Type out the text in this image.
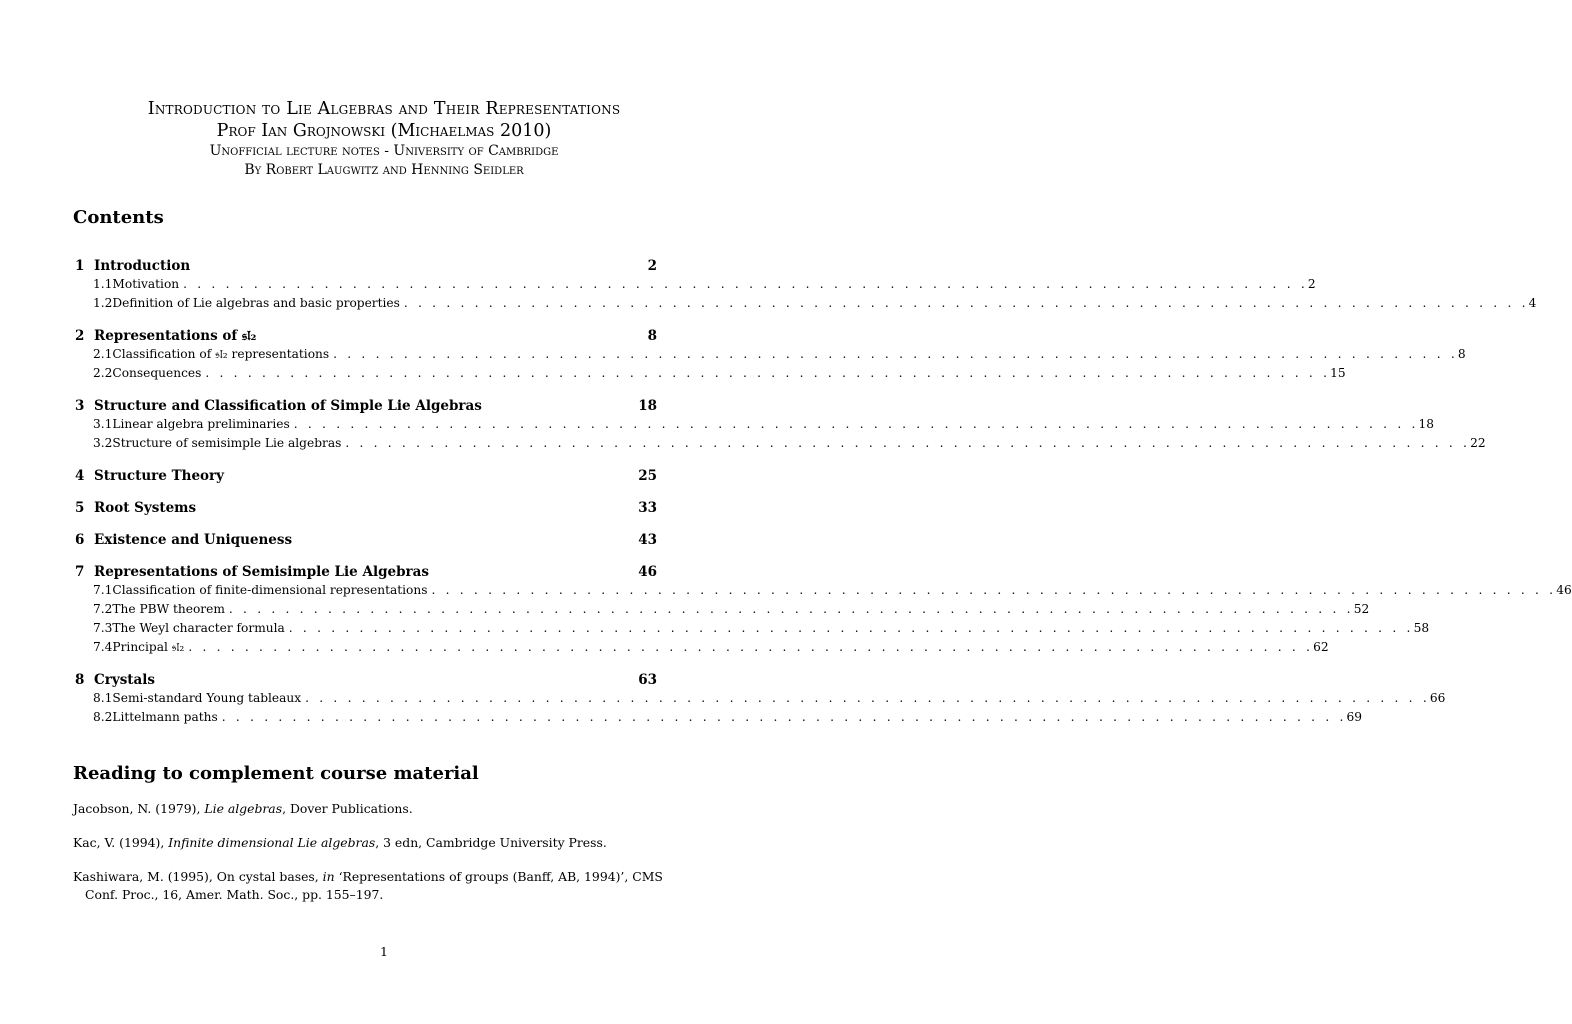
Introduction to Lie Algebras and Their Representations
Prof Ian Grojnowski (Michaelmas 2010)
Unofficial lecture notes - University of Cambridge
By Robert Laugwitz and Henning Seidler
Contents
1 Introduction	2
1.1 Motivation . . . . . . . . . . . . . . . . . . . . . . . . . . . . . . . . . . . . . . . . . . . . . . . . . . . . . . . . . . . . . . . . . . . . . . . . . . . . . . . . 2
1.2 Definition of Lie algebras and basic properties . . . . . . . . . . . . . . . . . . . . . . . . . . . . . . . . . . . . . . . . . . . . . . . . . . . . . . . . . . . . . . . . . . . . . . . . . . . . . . . . 4
2 Representations of 𝔰𝔩₂	8
2.1 Classification of 𝔰𝔩₂ representations . . . . . . . . . . . . . . . . . . . . . . . . . . . . . . . . . . . . . . . . . . . . . . . . . . . . . . . . . . . . . . . . . . . . . . . . . . . . . . . . 8
2.2 Consequences . . . . . . . . . . . . . . . . . . . . . . . . . . . . . . . . . . . . . . . . . . . . . . . . . . . . . . . . . . . . . . . . . . . . . . . . . . . . . . . . 15
3 Structure and Classification of Simple Lie Algebras	18
3.1 Linear algebra preliminaries . . . . . . . . . . . . . . . . . . . . . . . . . . . . . . . . . . . . . . . . . . . . . . . . . . . . . . . . . . . . . . . . . . . . . . . . . . . . . . . . 18
3.2 Structure of semisimple Lie algebras . . . . . . . . . . . . . . . . . . . . . . . . . . . . . . . . . . . . . . . . . . . . . . . . . . . . . . . . . . . . . . . . . . . . . . . . . . . . . . . . 22
4 Structure Theory	25
5 Root Systems	33
6 Existence and Uniqueness	43
7 Representations of Semisimple Lie Algebras	46
7.1 Classification of finite-dimensional representations . . . . . . . . . . . . . . . . . . . . . . . . . . . . . . . . . . . . . . . . . . . . . . . . . . . . . . . . . . . . . . . . . . . . . . . . . . . . . . . . 46
7.2 The PBW theorem . . . . . . . . . . . . . . . . . . . . . . . . . . . . . . . . . . . . . . . . . . . . . . . . . . . . . . . . . . . . . . . . . . . . . . . . . . . . . . . . 52
7.3 The Weyl character formula . . . . . . . . . . . . . . . . . . . . . . . . . . . . . . . . . . . . . . . . . . . . . . . . . . . . . . . . . . . . . . . . . . . . . . . . . . . . . . . . 58
7.4 Principal 𝔰𝔩₂ . . . . . . . . . . . . . . . . . . . . . . . . . . . . . . . . . . . . . . . . . . . . . . . . . . . . . . . . . . . . . . . . . . . . . . . . . . . . . . . . 62
8 Crystals	63
8.1 Semi-standard Young tableaux . . . . . . . . . . . . . . . . . . . . . . . . . . . . . . . . . . . . . . . . . . . . . . . . . . . . . . . . . . . . . . . . . . . . . . . . . . . . . . . . 66
8.2 Littelmann paths . . . . . . . . . . . . . . . . . . . . . . . . . . . . . . . . . . . . . . . . . . . . . . . . . . . . . . . . . . . . . . . . . . . . . . . . . . . . . . . . 69
Reading to complement course material
Jacobson, N. (1979), Lie algebras, Dover Publications.
Kac, V. (1994), Infinite dimensional Lie algebras, 3 edn, Cambridge University Press.
Kashiwara, M. (1995), On cystal bases, in ‘Representations of groups (Banff, AB, 1994)’, CMS Conf. Proc., 16, Amer. Math. Soc., pp. 155–197.
1
